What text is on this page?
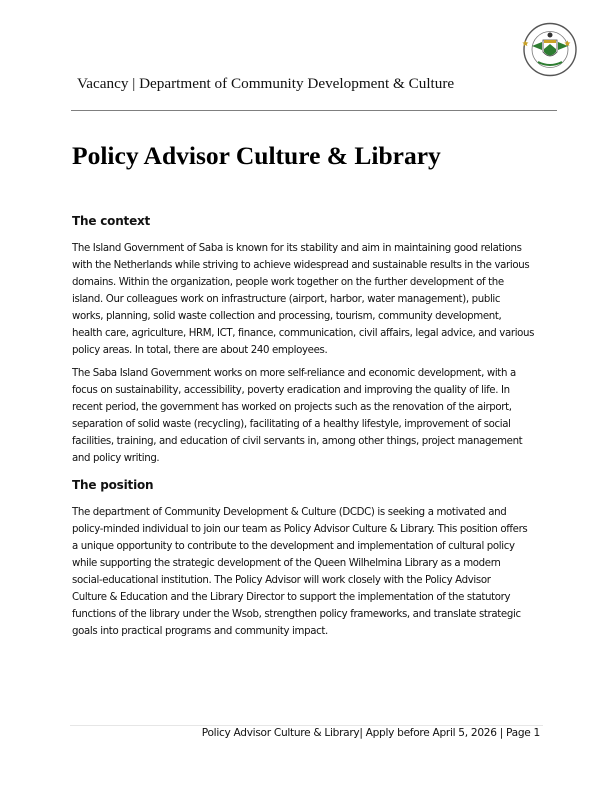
Vacancy | Department of Community Development & Culture
Policy Advisor Culture & Library
The context

The Island Government of Saba is known for its stability and aim in maintaining good relations
with the Netherlands while striving to achieve widespread and sustainable results in the various
domains. Within the organization, people work together on the further development of the
island. Our colleagues work on infrastructure (airport, harbor, water management), public
works, planning, solid waste collection and processing, tourism, community development,
health care, agriculture, HRM, ICT, finance, communication, civil affairs, legal advice, and various
policy areas. In total, there are about 240 employees.

The Saba Island Government works on more self-reliance and economic development, with a
focus on sustainability, accessibility, poverty eradication and improving the quality of life. In
recent period, the government has worked on projects such as the renovation of the airport,
separation of solid waste (recycling), facilitating of a healthy lifestyle, improvement of social
facilities, training, and education of civil servants in, among other things, project management
and policy writing.

The position

The department of Community Development & Culture (DCDC) is seeking a motivated and
policy-minded individual to join our team as Policy Advisor Culture & Library. This position offers
a unique opportunity to contribute to the development and implementation of cultural policy
while supporting the strategic development of the Queen Wilhelmina Library as a modern
social-educational institution. The Policy Advisor will work closely with the Policy Advisor
Culture & Education and the Library Director to support the implementation of the statutory
functions of the library under the Wsob, strengthen policy frameworks, and translate strategic
goals into practical programs and community impact.

Policy Advisor Culture & Library| Apply before April 5, 2026 | Page 1
